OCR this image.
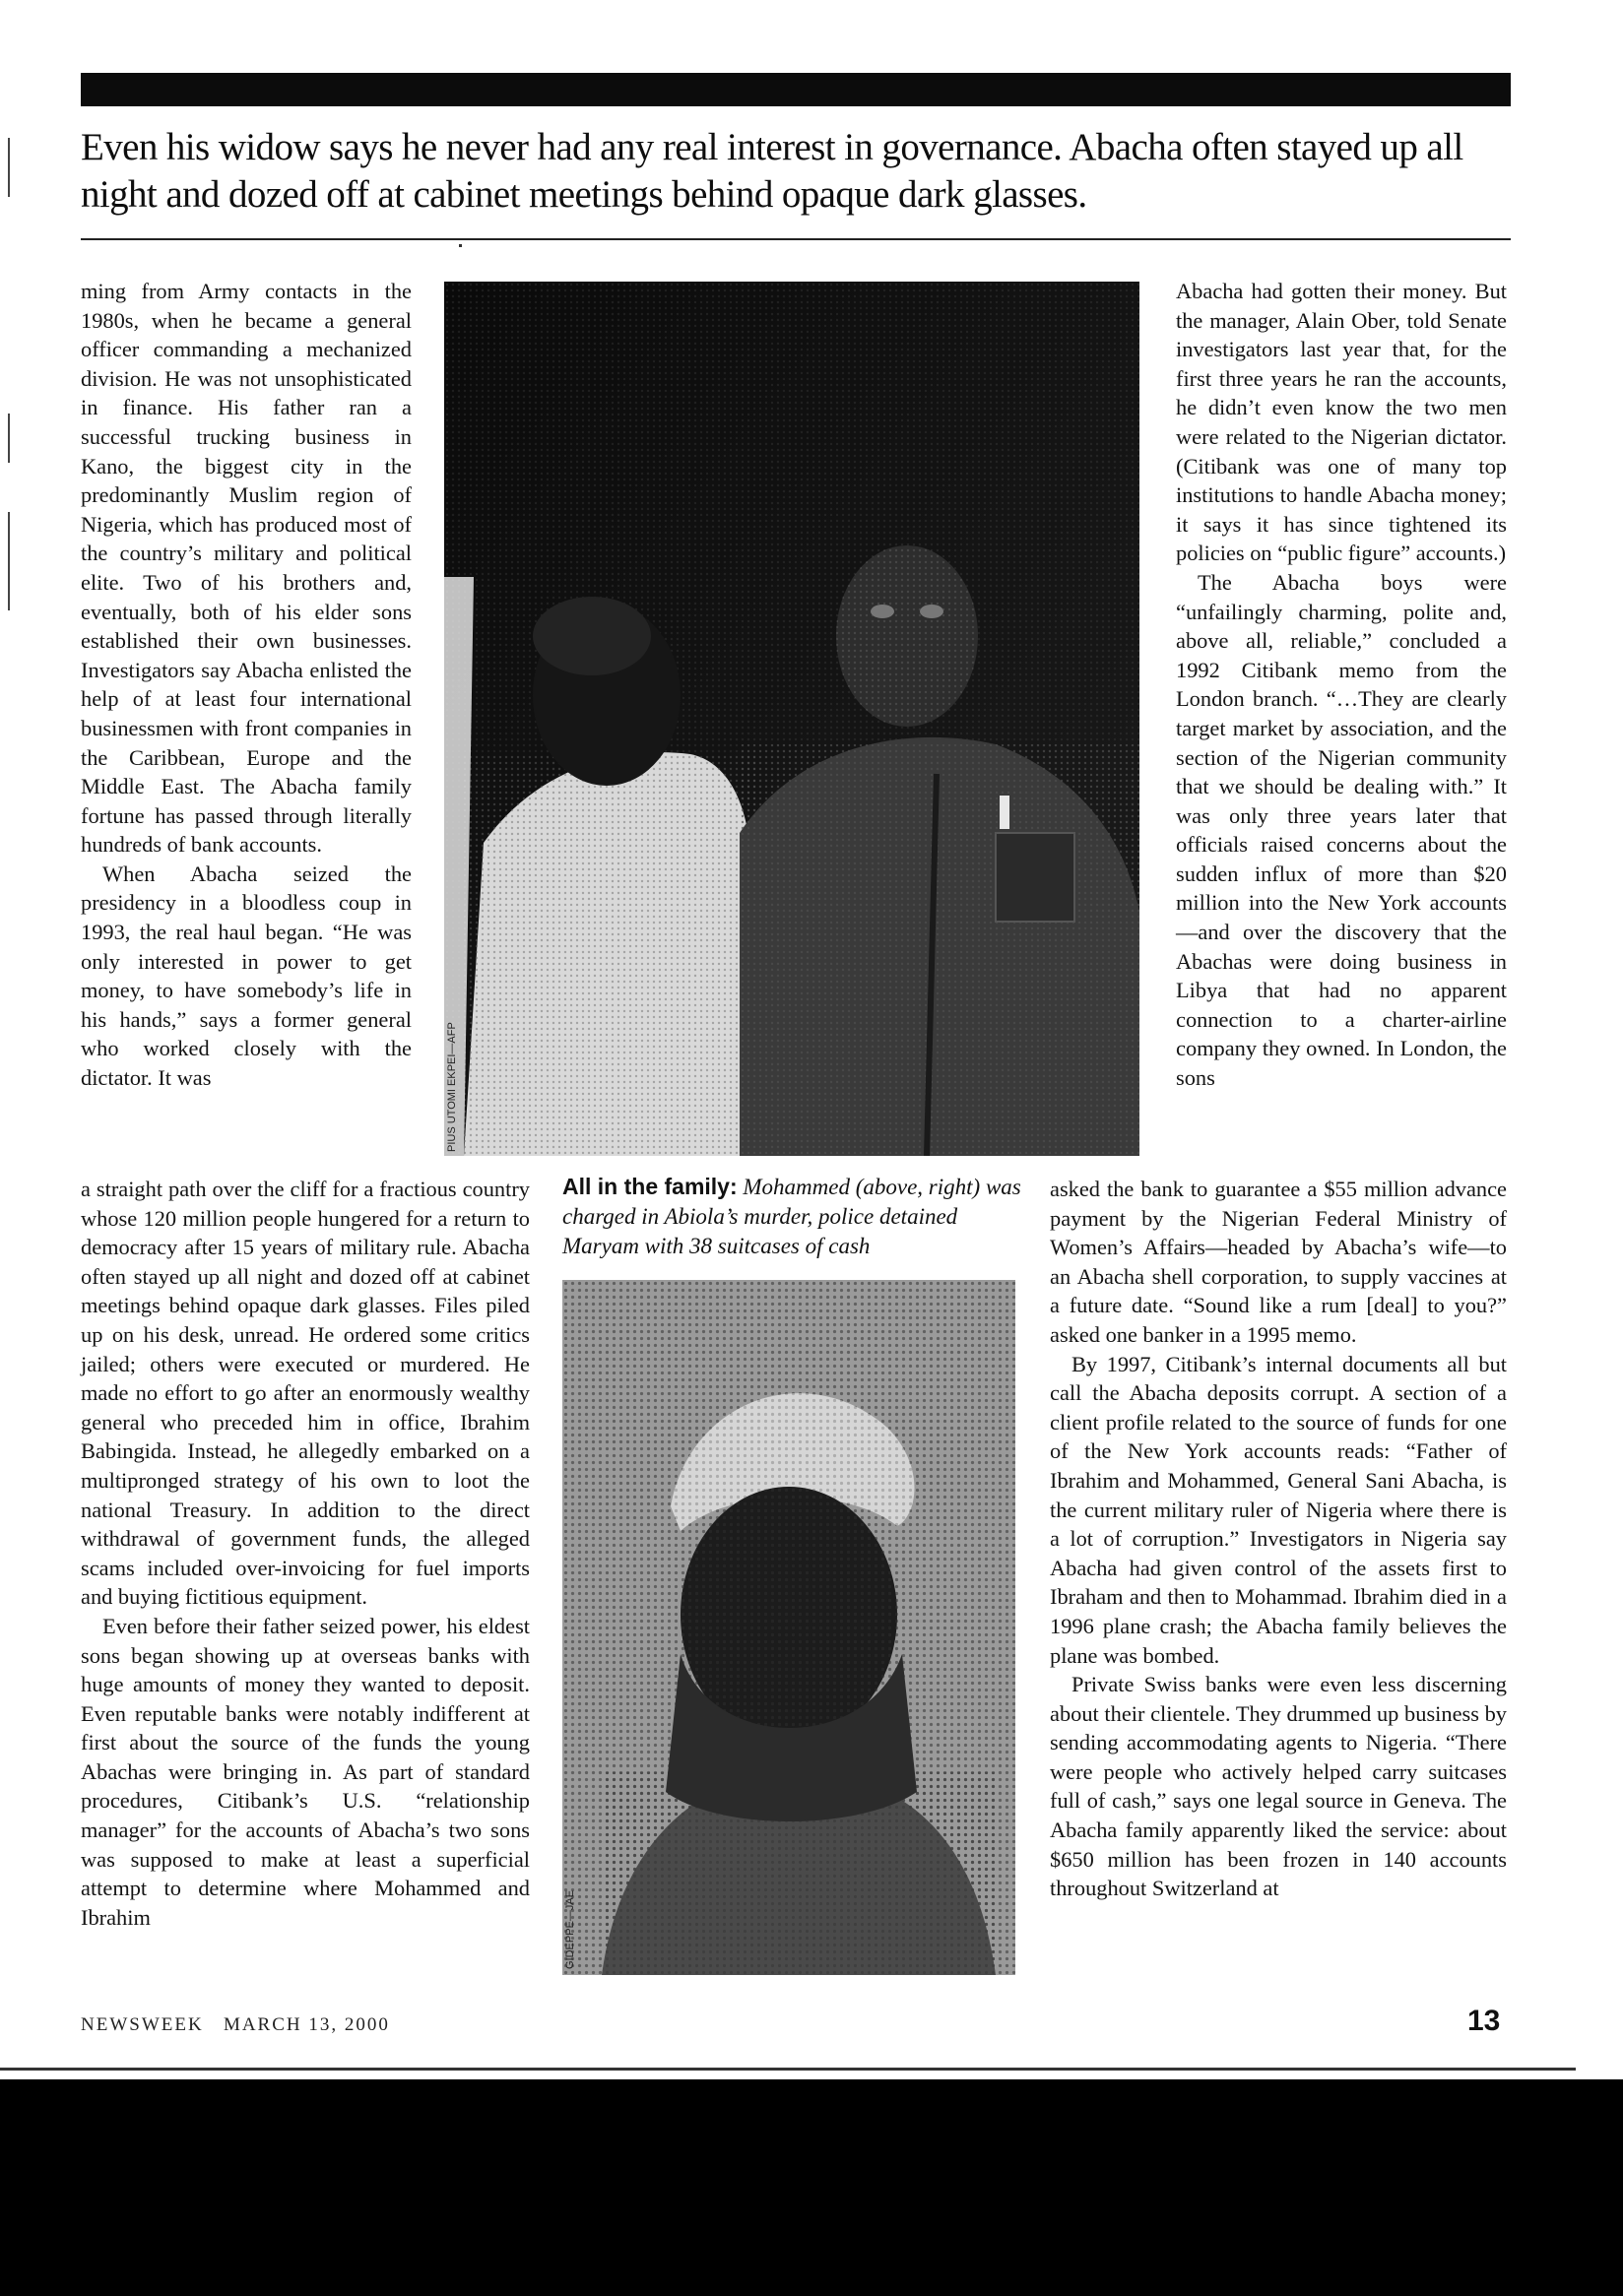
Even his widow says he never had any real interest in governance. Abacha often stayed up all night and dozed off at cabinet meetings behind opaque dark glasses.

ming from Army contacts in the 1980s, when he became a general officer commanding a mechanized division. He was not unsophisticated in finance. His father ran a successful trucking business in Kano, the biggest city in the predominantly Muslim region of Nigeria, which has produced most of the country’s military and political elite. Two of his brothers and, eventually, both of his elder sons established their own businesses. Investigators say Abacha enlisted the help of at least four international businessmen with front companies in the Caribbean, Europe and the Middle East. The Abacha family fortune has passed through literally hundreds of bank accounts.

When Abacha seized the presidency in a bloodless coup in 1993, the real haul began. “He was only interested in power to get money, to have somebody’s life in his hands,” says a former general who worked closely with the dictator. It was

a straight path over the cliff for a fractious country whose 120 million people hungered for a return to democracy after 15 years of military rule. Abacha often stayed up all night and dozed off at cabinet meetings behind opaque dark glasses. Files piled up on his desk, unread. He ordered some critics jailed; others were executed or murdered. He made no effort to go after an enormously wealthy general who preceded him in office, Ibrahim Babingida. Instead, he allegedly embarked on a multipronged strategy of his own to loot the national Treasury. In addition to the direct withdrawal of government funds, the alleged scams included over-invoicing for fuel imports and buying fictitious equipment.

Even before their father seized power, his eldest sons began showing up at overseas banks with huge amounts of money they wanted to deposit. Even reputable banks were notably indifferent at first about the source of the funds the young Abachas were bringing in. As part of standard procedures, Citibank’s U.S. “relationship manager” for the accounts of Abacha’s two sons was supposed to make at least a superficial attempt to determine where Mohammed and Ibrahim

PIUS UTOMI EKPEI—AFP
All in the family: Mohammed (above, right) was charged in Abiola’s murder, police detained Maryam with 38 suitcases of cash
GIDEPPE—JAE

Abacha had gotten their money. But the manager, Alain Ober, told Senate investigators last year that, for the first three years he ran the accounts, he didn’t even know the two men were related to the Nigerian dictator. (Citibank was one of many top institutions to handle Abacha money; it says it has since tightened its policies on “public figure” accounts.)

The Abacha boys were “unfailingly charming, polite and, above all, reliable,” concluded a 1992 Citibank memo from the London branch. “…They are clearly target market by association, and the section of the Nigerian community that we should be dealing with.” It was only three years later that officials raised concerns about the sudden influx of more than $20 million into the New York accounts—and over the discovery that the Abachas were doing business in Libya that had no apparent connection to a charter-airline company they owned. In London, the sons

asked the bank to guarantee a $55 million advance payment by the Nigerian Federal Ministry of Women’s Affairs—headed by Abacha’s wife—to an Abacha shell corporation, to supply vaccines at a future date. “Sound like a rum [deal] to you?” asked one banker in a 1995 memo.

By 1997, Citibank’s internal documents all but call the Abacha deposits corrupt. A section of a client profile related to the source of funds for one of the New York accounts reads: “Father of Ibrahim and Mohammed, General Sani Abacha, is the current military ruler of Nigeria where there is a lot of corruption.” Investigators in Nigeria say Abacha had given control of the assets first to Ibraham and then to Mohammad. Ibrahim died in a 1996 plane crash; the Abacha family believes the plane was bombed.

Private Swiss banks were even less discerning about their clientele. They drummed up business by sending accommodating agents to Nigeria. “There were people who actively helped carry suitcases full of cash,” says one legal source in Geneva. The Abacha family apparently liked the service: about $650 million has been frozen in 140 accounts throughout Switzerland at

NEWSWEEK   MARCH 13, 2000	13
